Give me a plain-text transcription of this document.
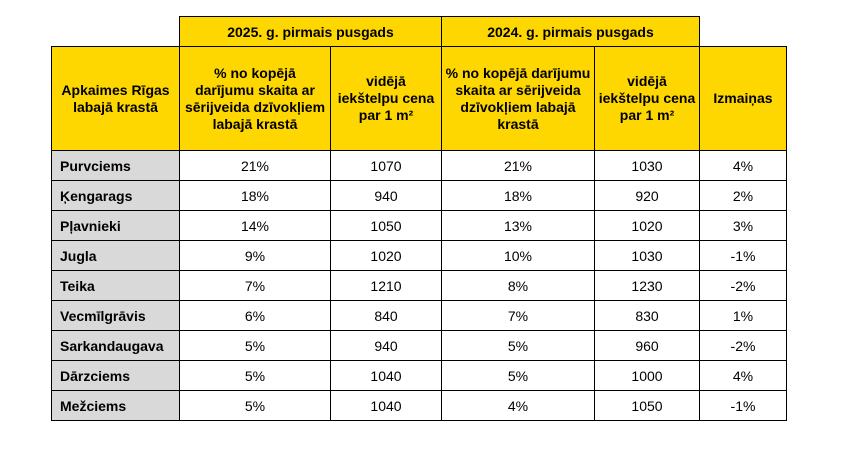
	2025. g. pirmais pusgads		2024. g. pirmais pusgads		
Apkaimes Rīgas labajā krastā	% no kopējā darījumu skaita ar sērijveida dzīvokļiem labajā krastā	vidējā iekštelpu cena par 1 m²	% no kopējā darījumu skaita ar sērijveida dzīvokļiem labajā krastā	vidējā iekštelpu cena par 1 m²	Izmaiņas
Purvciems	21%	1070	21%	1030	4%
Ķengarags	18%	940	18%	920	2%
Pļavnieki	14%	1050	13%	1020	3%
Jugla	9%	1020	10%	1030	-1%
Teika	7%	1210	8%	1230	-2%
Vecmīlgrāvis	6%	840	7%	830	1%
Sarkandaugava	5%	940	5%	960	-2%
Dārzciems	5%	1040	5%	1000	4%
Mežciems	5%	1040	4%	1050	-1%
